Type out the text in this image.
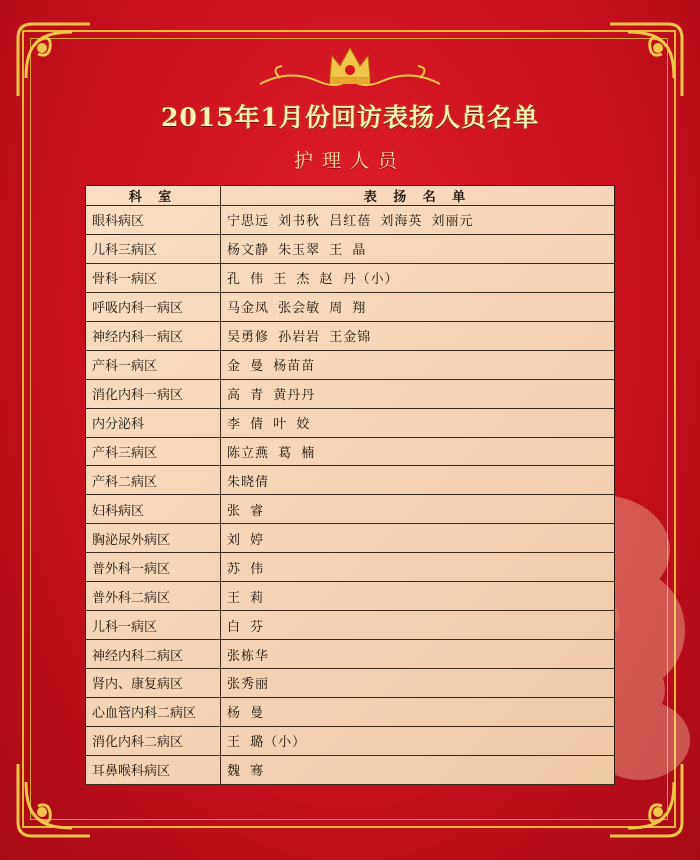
2015年1月份回访表扬人员名单
护理人员
科 室	表 扬 名 单
眼科病区	宁思远 刘书秋 吕红蓓 刘海英 刘丽元
儿科三病区	杨文静 朱玉翠 王 晶
骨科一病区	孔 伟 王 杰 赵 丹（小）
呼吸内科一病区	马金凤 张会敏 周 翔
神经内科一病区	吴勇修 孙岩岩 王金锦
产科一病区	金 曼 杨苗苗
消化内科一病区	高 青 黄丹丹
内分泌科	李 倩 叶 姣
产科三病区	陈立燕 葛 楠
产科二病区	朱晓倩
妇科病区	张 睿
胸泌尿外病区	刘 婷
普外科一病区	苏 伟
普外科二病区	王 莉
儿科一病区	白 芬
神经内科二病区	张栋华
肾内、康复病区	张秀丽
心血管内科二病区	杨 曼
消化内科二病区	王 璐（小）
耳鼻喉科病区	魏 骞
